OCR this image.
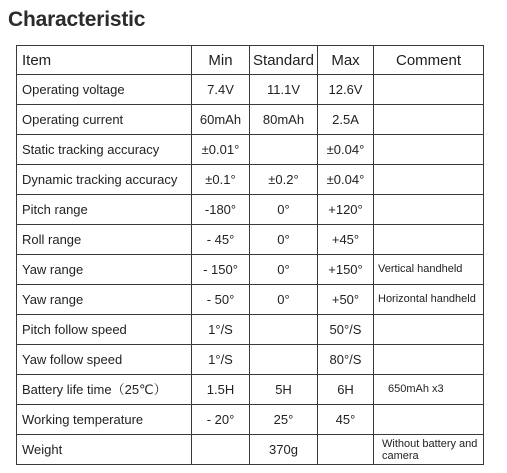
Characteristic
Item	Min	Standard	Max	Comment
Operating voltage	7.4V	11.1V	12.6V	
Operating current	60mAh	80mAh	2.5A	
Static tracking accuracy	±0.01°		±0.04°	
Dynamic tracking accuracy	±0.1°	±0.2°	±0.04°	
Pitch range	-180°	0°	+120°	
Roll range	- 45°	0°	+45°	
Yaw range	- 150°	0°	+150°	Vertical handheld
Yaw range	- 50°	0°	+50°	Horizontal handheld
Pitch follow speed	1°/S		50°/S	
Yaw follow speed	1°/S		80°/S	
Battery life time（25℃）	1.5H	5H	6H	650mAh x3
Working temperature	- 20°	25°	45°	
Weight		370g		Without battery and camera
